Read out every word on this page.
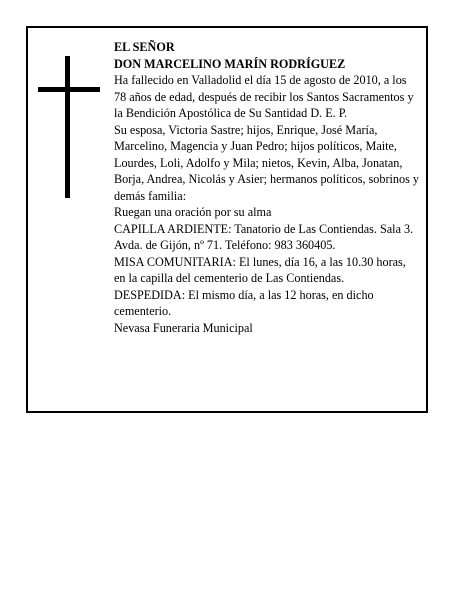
EL SEÑOR

DON MARCELINO MARÍN RODRÍGUEZ

Ha fallecido en Valladolid el día 15 de agosto de 2010, a los 78 años de edad, después de recibir los Santos Sacramentos y la Bendición Apostólica de Su Santidad D. E. P.

Su esposa, Victoria Sastre; hijos, Enrique, José María, Marcelino, Magencia y Juan Pedro; hijos políticos, Maite, Lourdes, Loli, Adolfo y Mila; nietos, Kevin, Alba, Jonatan, Borja, Andrea, Nicolás y Asier; hermanos políticos, sobrinos y demás familia:

Ruegan una oración por su alma

CAPILLA ARDIENTE: Tanatorio de Las Contiendas. Sala 3. Avda. de Gijón, nº 71. Teléfono: 983 360405.

MISA COMUNITARIA: El lunes, día 16, a las 10.30 horas, en la capilla del cementerio de Las Contiendas.

DESPEDIDA: El mismo día, a las 12 horas, en dicho cementerio.

Nevasa Funeraria Municipal
